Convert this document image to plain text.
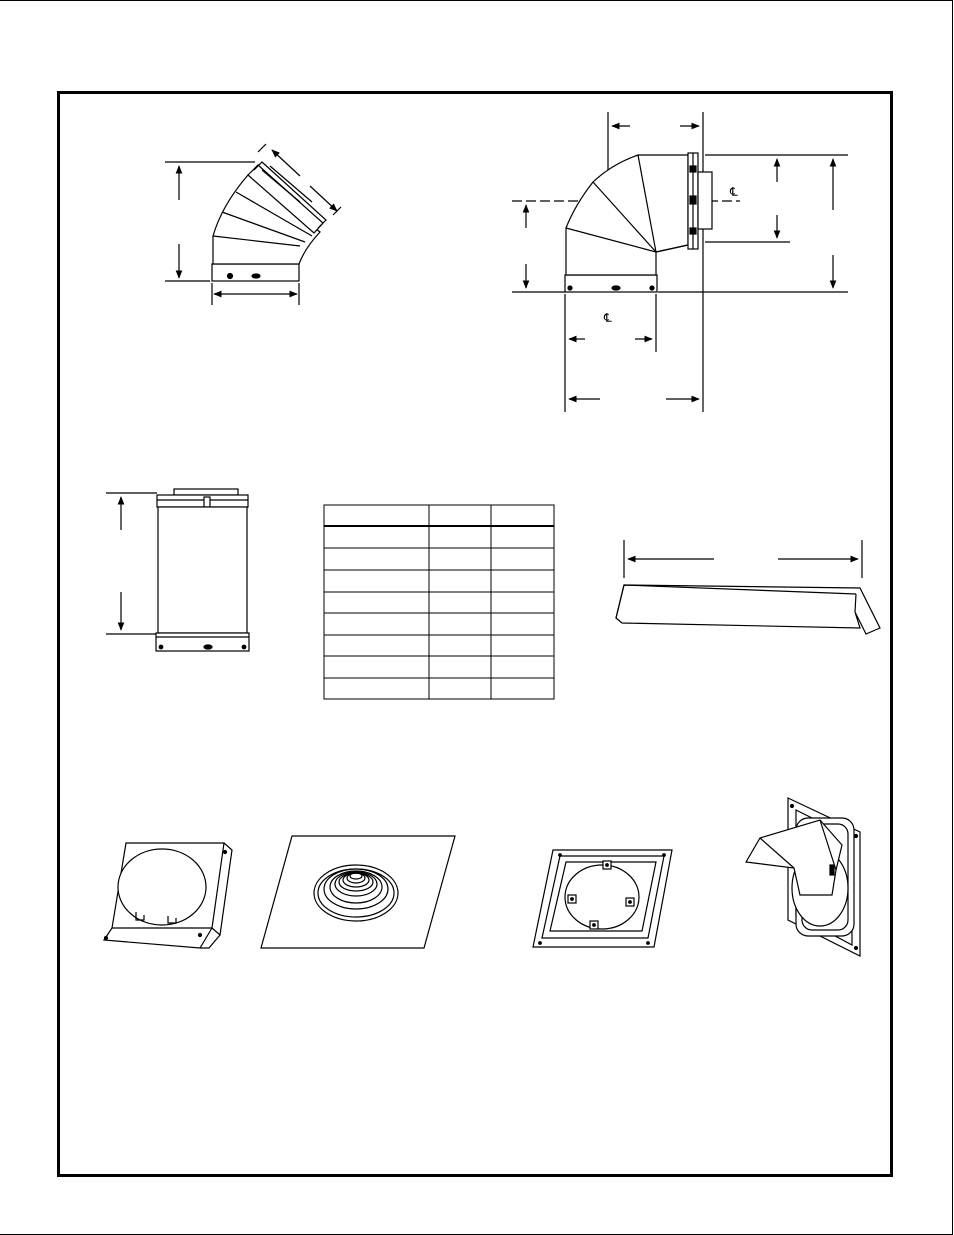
℄
℄
